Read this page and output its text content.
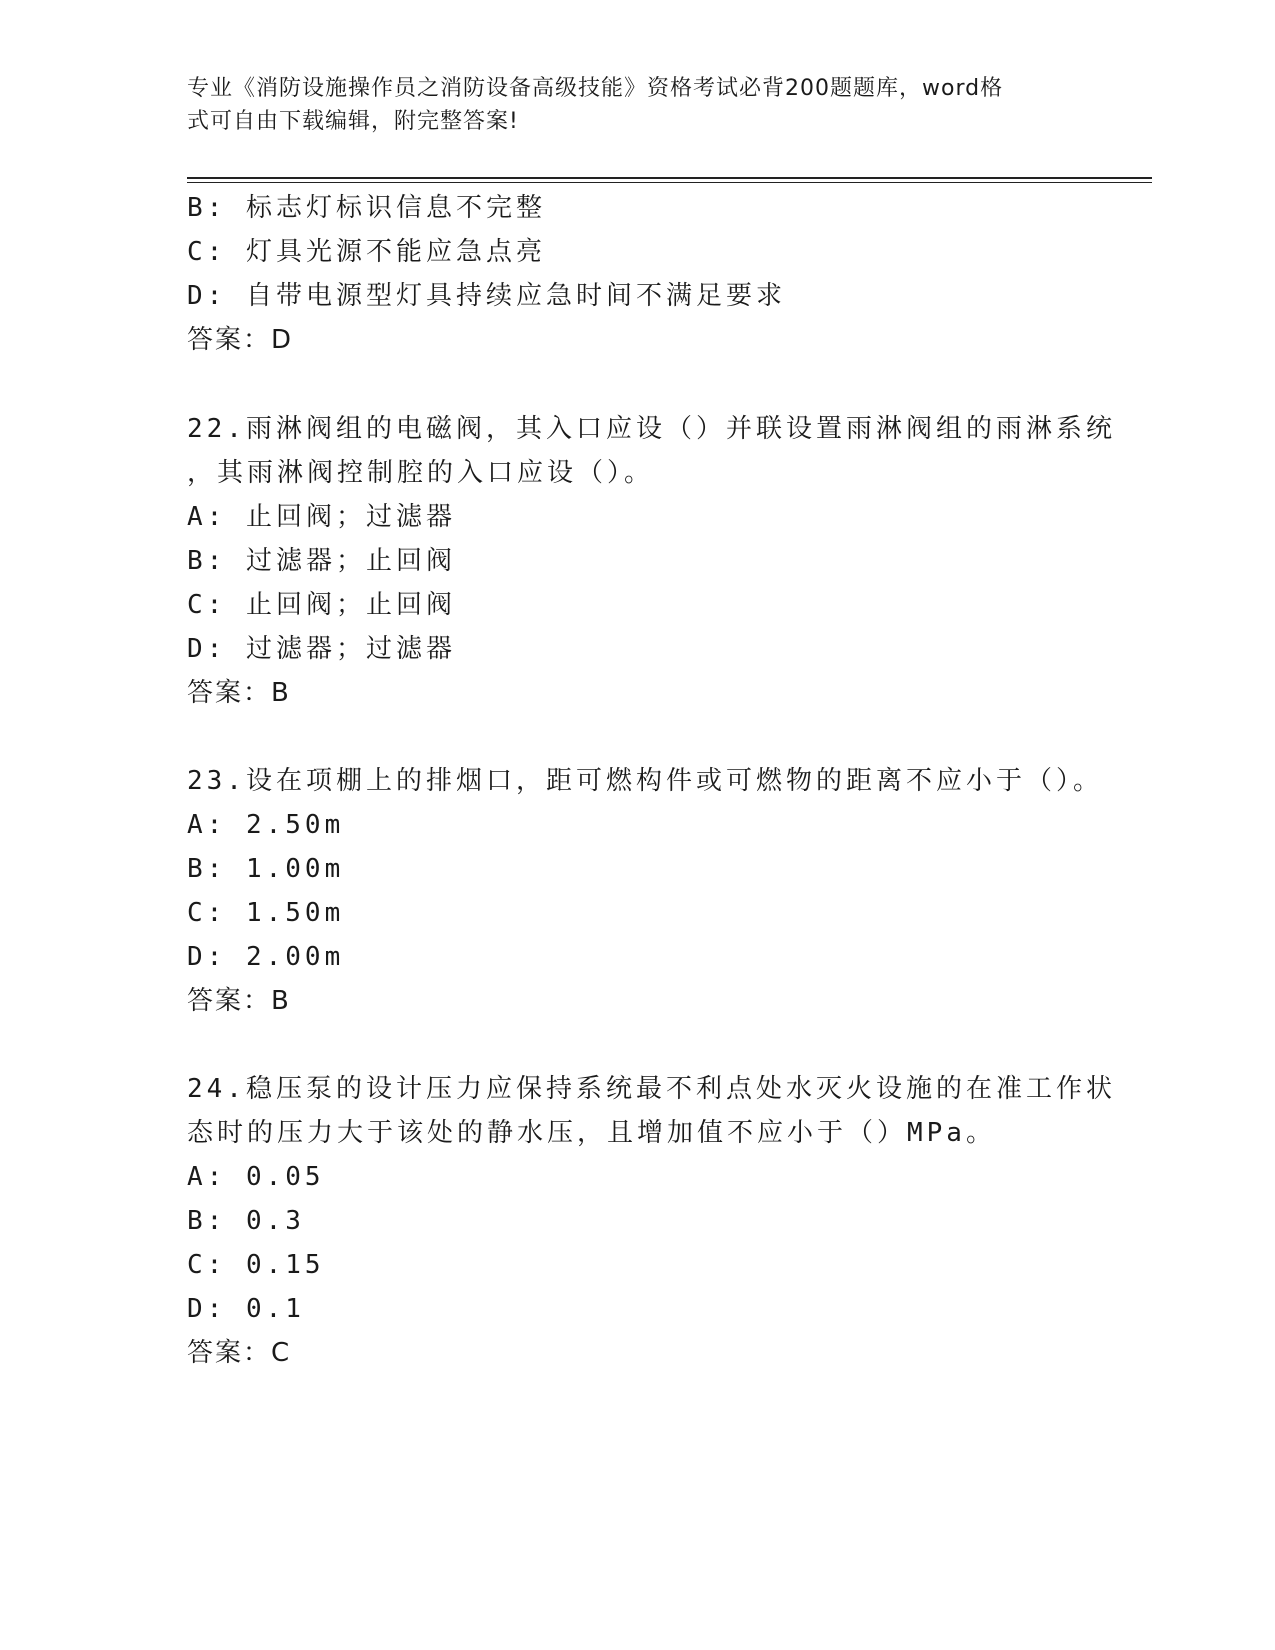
专业《消防设施操作员之消防设备高级技能》资格考试必背200题题库，word格
式可自由下载编辑，附完整答案!
B: 标志灯标识信息不完整
C: 灯具光源不能应急点亮
D: 自带电源型灯具持续应急时间不满足要求
答案：D
22.雨淋阀组的电磁阀，其入口应设（）并联设置雨淋阀组的雨淋系统
，其雨淋阀控制腔的入口应设（）。
A: 止回阀；过滤器
B: 过滤器；止回阀
C: 止回阀；止回阀
D: 过滤器；过滤器
答案：B
23.设在项棚上的排烟口，距可燃构件或可燃物的距离不应小于（）。
A: 2.50m
B: 1.00m
C: 1.50m
D: 2.00m
答案：B
24.稳压泵的设计压力应保持系统最不利点处水灭火设施的在准工作状
态时的压力大于该处的静水压，且增加值不应小于（）MPa。
A: 0.05
B: 0.3
C: 0.15
D: 0.1
答案：C
